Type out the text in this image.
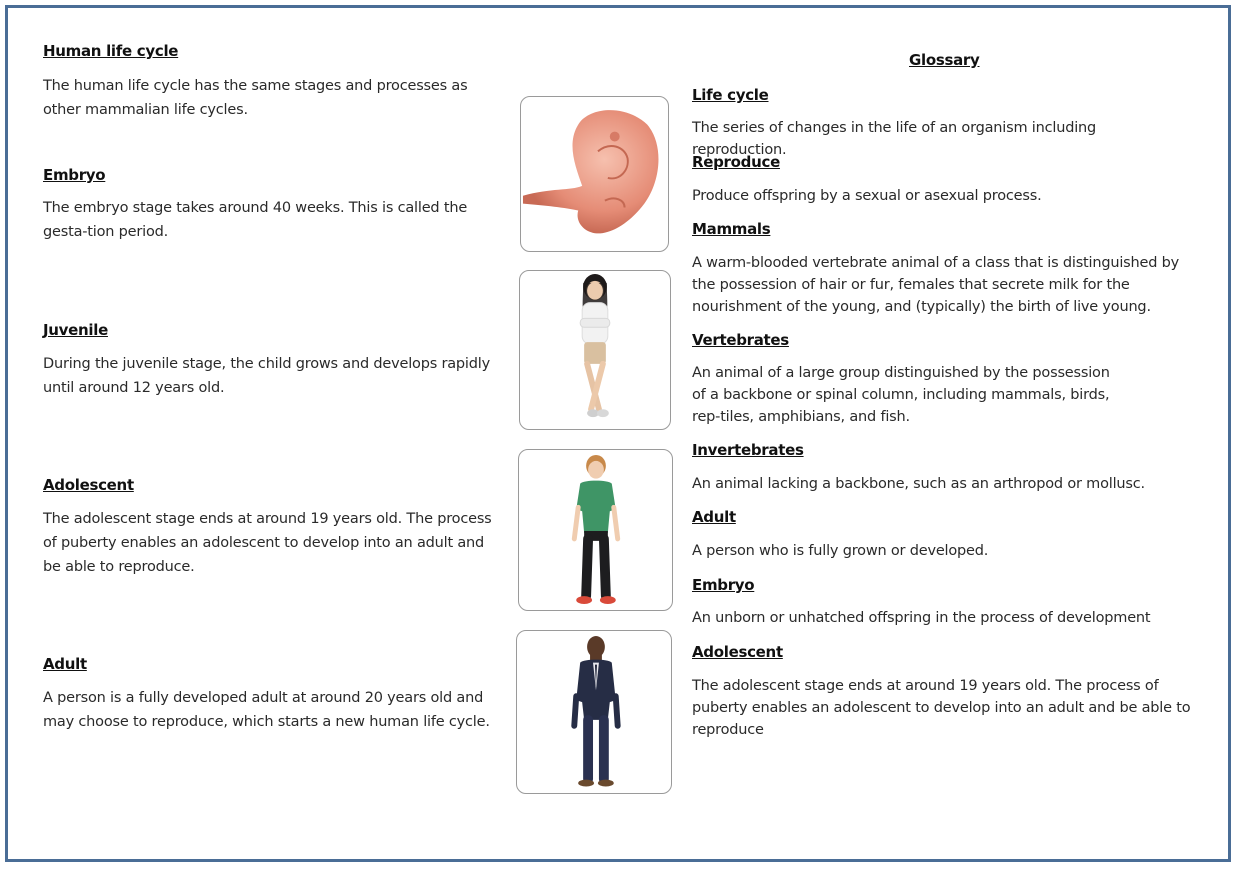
Human life cycle
The human life cycle has the same stages and processes as other mammalian life cycles.
Embryo
The embryo stage takes around 40 weeks. This is called the gesta-tion period.
Juvenile
During the juvenile stage, the child grows and develops rapidly until around 12 years old.
Adolescent
The adolescent stage ends at around 19 years old. The process of puberty enables an adolescent to develop into an adult and be able to reproduce.
Adult
A person is a fully developed adult at around 20 years old and may choose to reproduce, which starts a new human life cycle.
Glossary
Life cycle
The series of changes in the life of an organism including reproduction.
Reproduce
Produce offspring by a sexual or asexual process.
Mammals
A warm-blooded vertebrate animal of a class that is distinguished by the possession of hair or fur, females that secrete milk for the nourishment of the young, and (typically) the birth of live young.
Vertebrates
An animal of a large group distinguished by the possession of a backbone or spinal column, including mammals, birds, rep-tiles, amphibians, and fish.
Invertebrates
An animal lacking a backbone, such as an arthropod or mollusc.
Adult
A person who is fully grown or developed.
Embryo
An unborn or unhatched offspring in the process of development
Adolescent
The adolescent stage ends at around 19 years old. The process of puberty enables an adolescent to develop into an adult and be able to reproduce
